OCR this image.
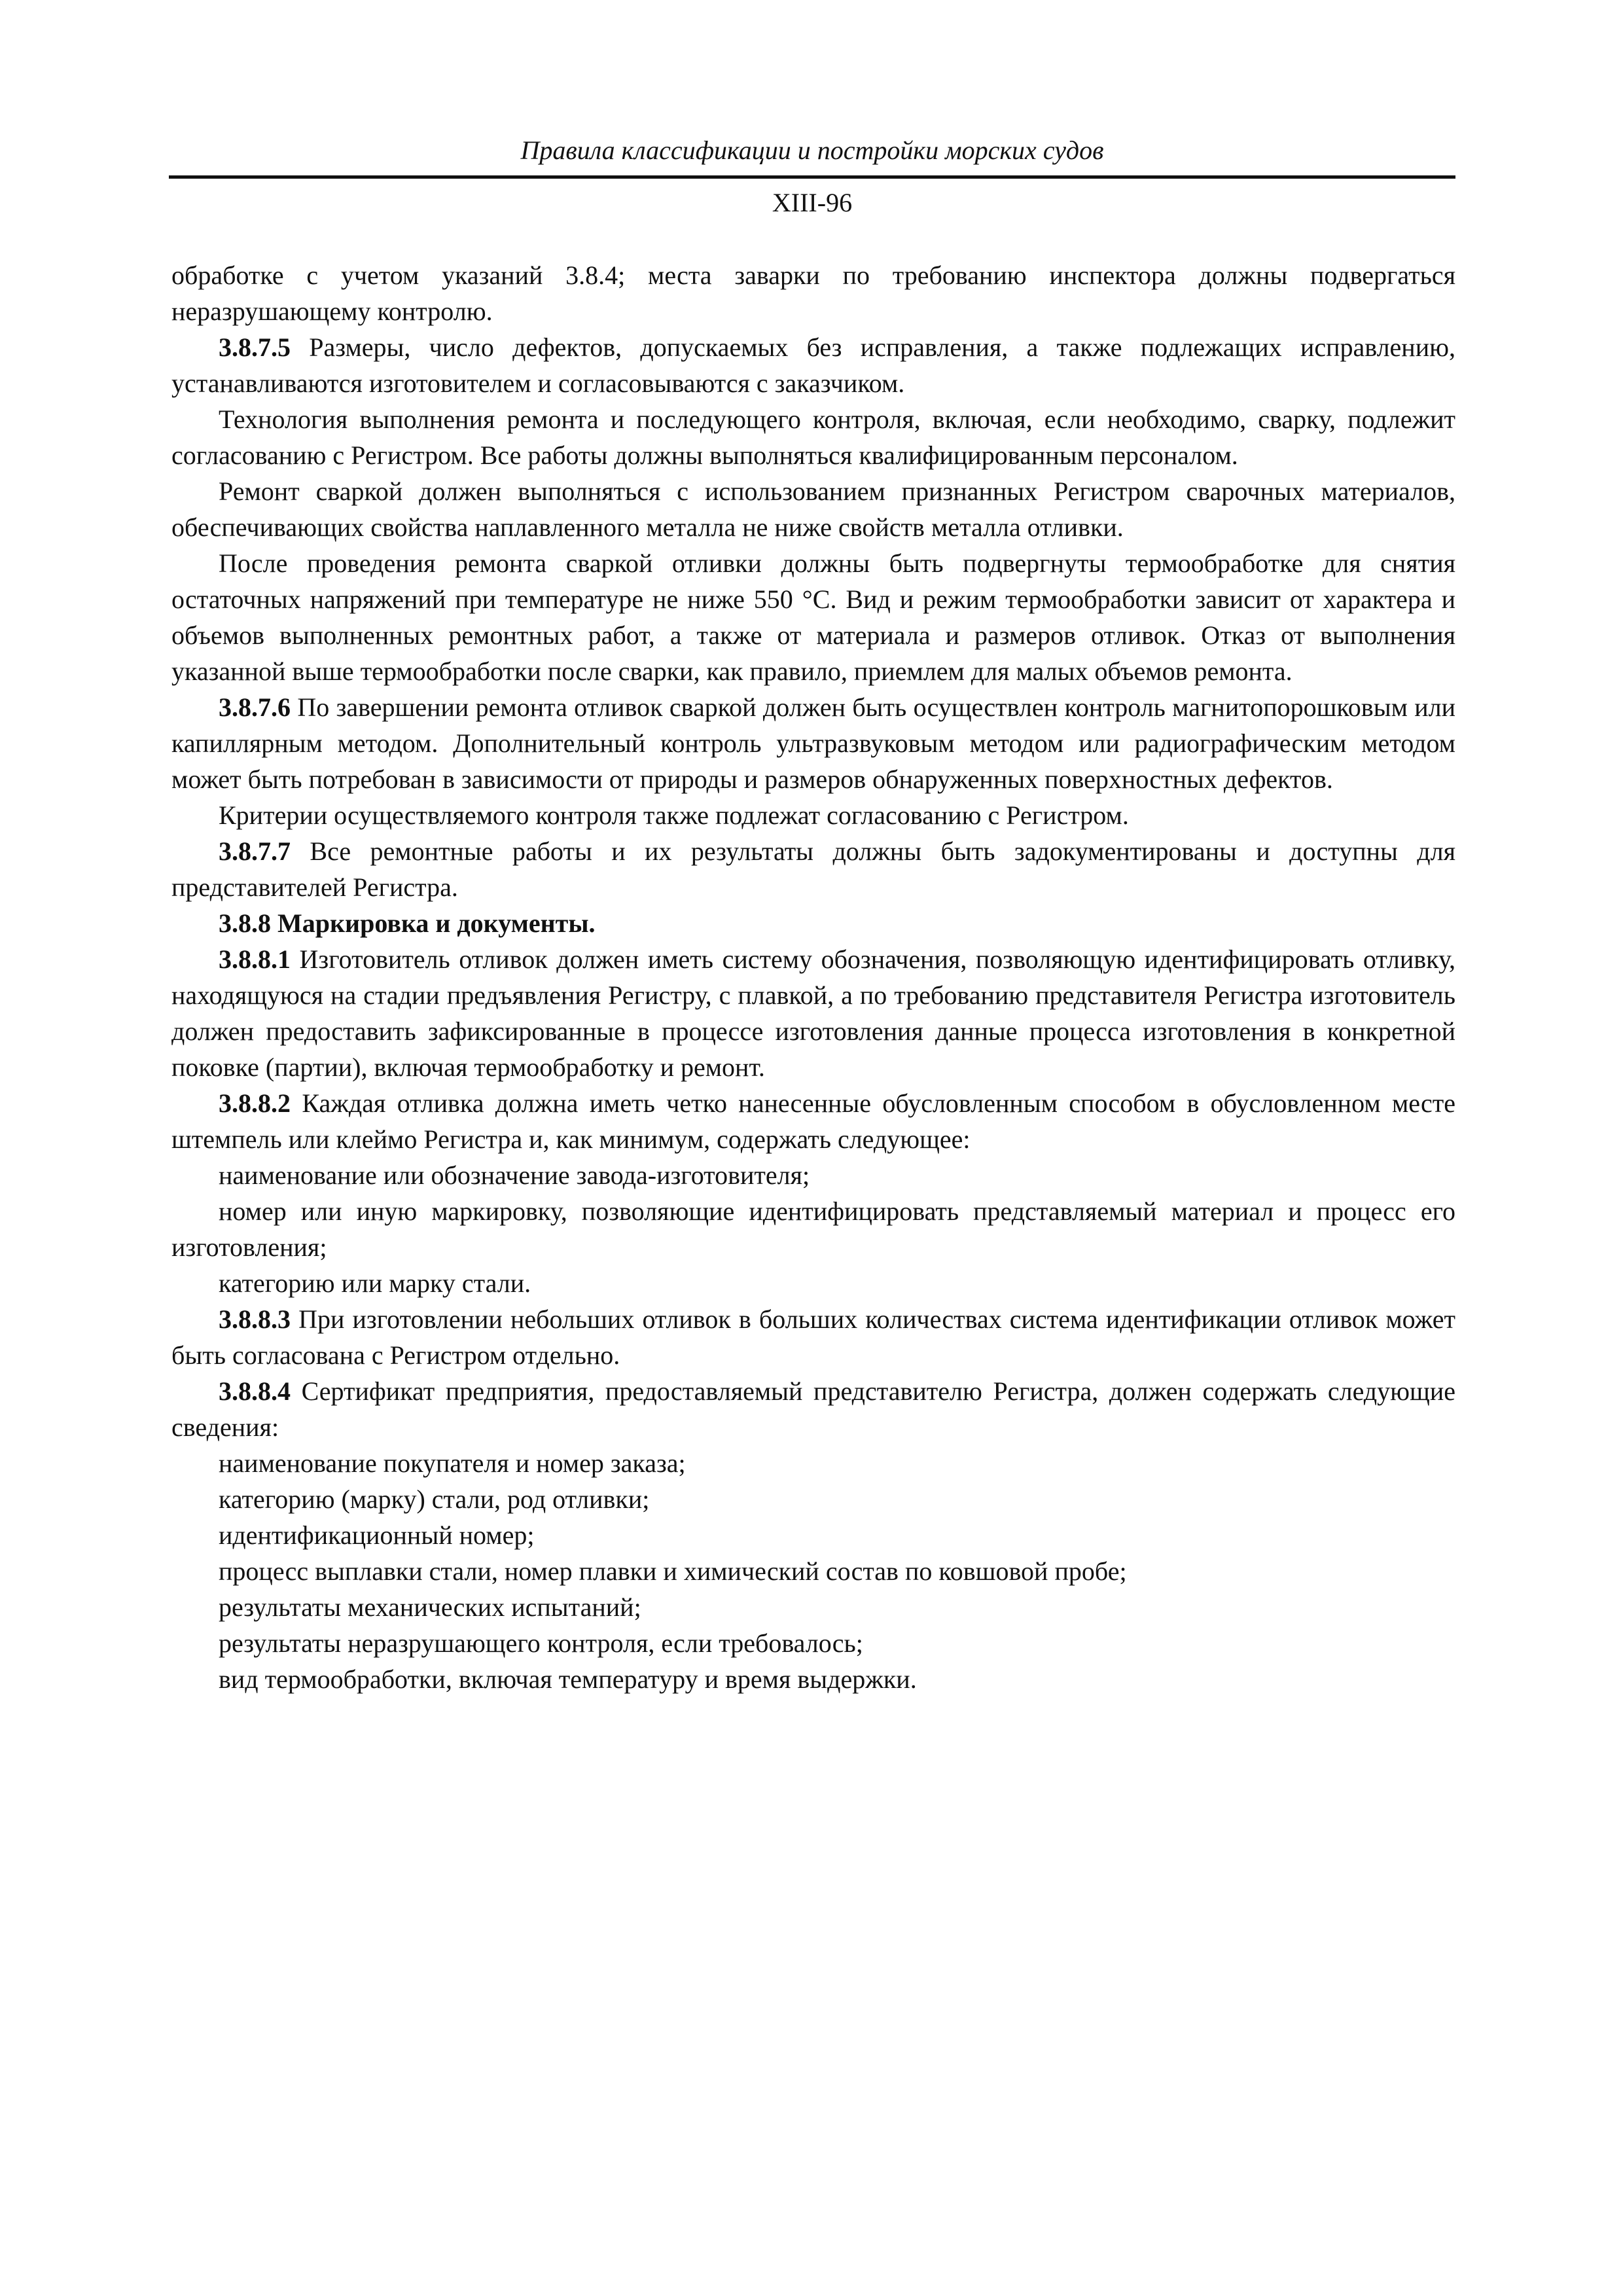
Правила классификации и постройки морских судов
XIII-96

обработке с учетом указаний 3.8.4; места заварки по требованию инспектора должны подвергаться неразрушающему контролю.

3.8.7.5 Размеры, число дефектов, допускаемых без исправления, а также подлежащих исправлению, устанавливаются изготовителем и согласовываются с заказчиком.

Технология выполнения ремонта и последующего контроля, включая, если необходимо, сварку, подлежит согласованию с Регистром. Все работы должны выполняться квалифицированным персоналом.

Ремонт сваркой должен выполняться с использованием признанных Регистром сварочных материалов, обеспечивающих свойства наплавленного металла не ниже свойств металла отливки.

После проведения ремонта сваркой отливки должны быть подвергнуты термообработке для снятия остаточных напряжений при температуре не ниже 550 °С. Вид и режим термообработки зависит от характера и объемов выполненных ремонтных работ, а также от материала и размеров отливок. Отказ от выполнения указанной выше термообработки после сварки, как правило, приемлем для малых объемов ремонта.

3.8.7.6 По завершении ремонта отливок сваркой должен быть осуществлен контроль магнитопорошковым или капиллярным методом. Дополнительный контроль ультразвуковым методом или радиографическим методом может быть потребован в зависимости от природы и размеров обнаруженных поверхностных дефектов.

Критерии осуществляемого контроля также подлежат согласованию с Регистром.

3.8.7.7 Все ремонтные работы и их результаты должны быть задокументированы и доступны для представителей Регистра.

3.8.8 Маркировка и документы.

3.8.8.1 Изготовитель отливок должен иметь систему обозначения, позволяющую идентифицировать отливку, находящуюся на стадии предъявления Регистру, с плавкой, а по требованию представителя Регистра изготовитель должен предоставить зафиксированные в процессе изготовления данные процесса изготовления в конкретной поковке (партии), включая термообработку и ремонт.

3.8.8.2 Каждая отливка должна иметь четко нанесенные обусловленным способом в обусловленном месте штемпель или клеймо Регистра и, как минимум, содержать следующее:

наименование или обозначение завода-изготовителя;

номер или иную маркировку, позволяющие идентифицировать представляемый материал и процесс его изготовления;

категорию или марку стали.

3.8.8.3 При изготовлении небольших отливок в больших количествах система идентификации отливок может быть согласована с Регистром отдельно.

3.8.8.4 Сертификат предприятия, предоставляемый представителю Регистра, должен содержать следующие сведения:

наименование покупателя и номер заказа;

категорию (марку) стали, род отливки;

идентификационный номер;

процесс выплавки стали, номер плавки и химический состав по ковшовой пробе;

результаты механических испытаний;

результаты неразрушающего контроля, если требовалось;

вид термообработки, включая температуру и время выдержки.
